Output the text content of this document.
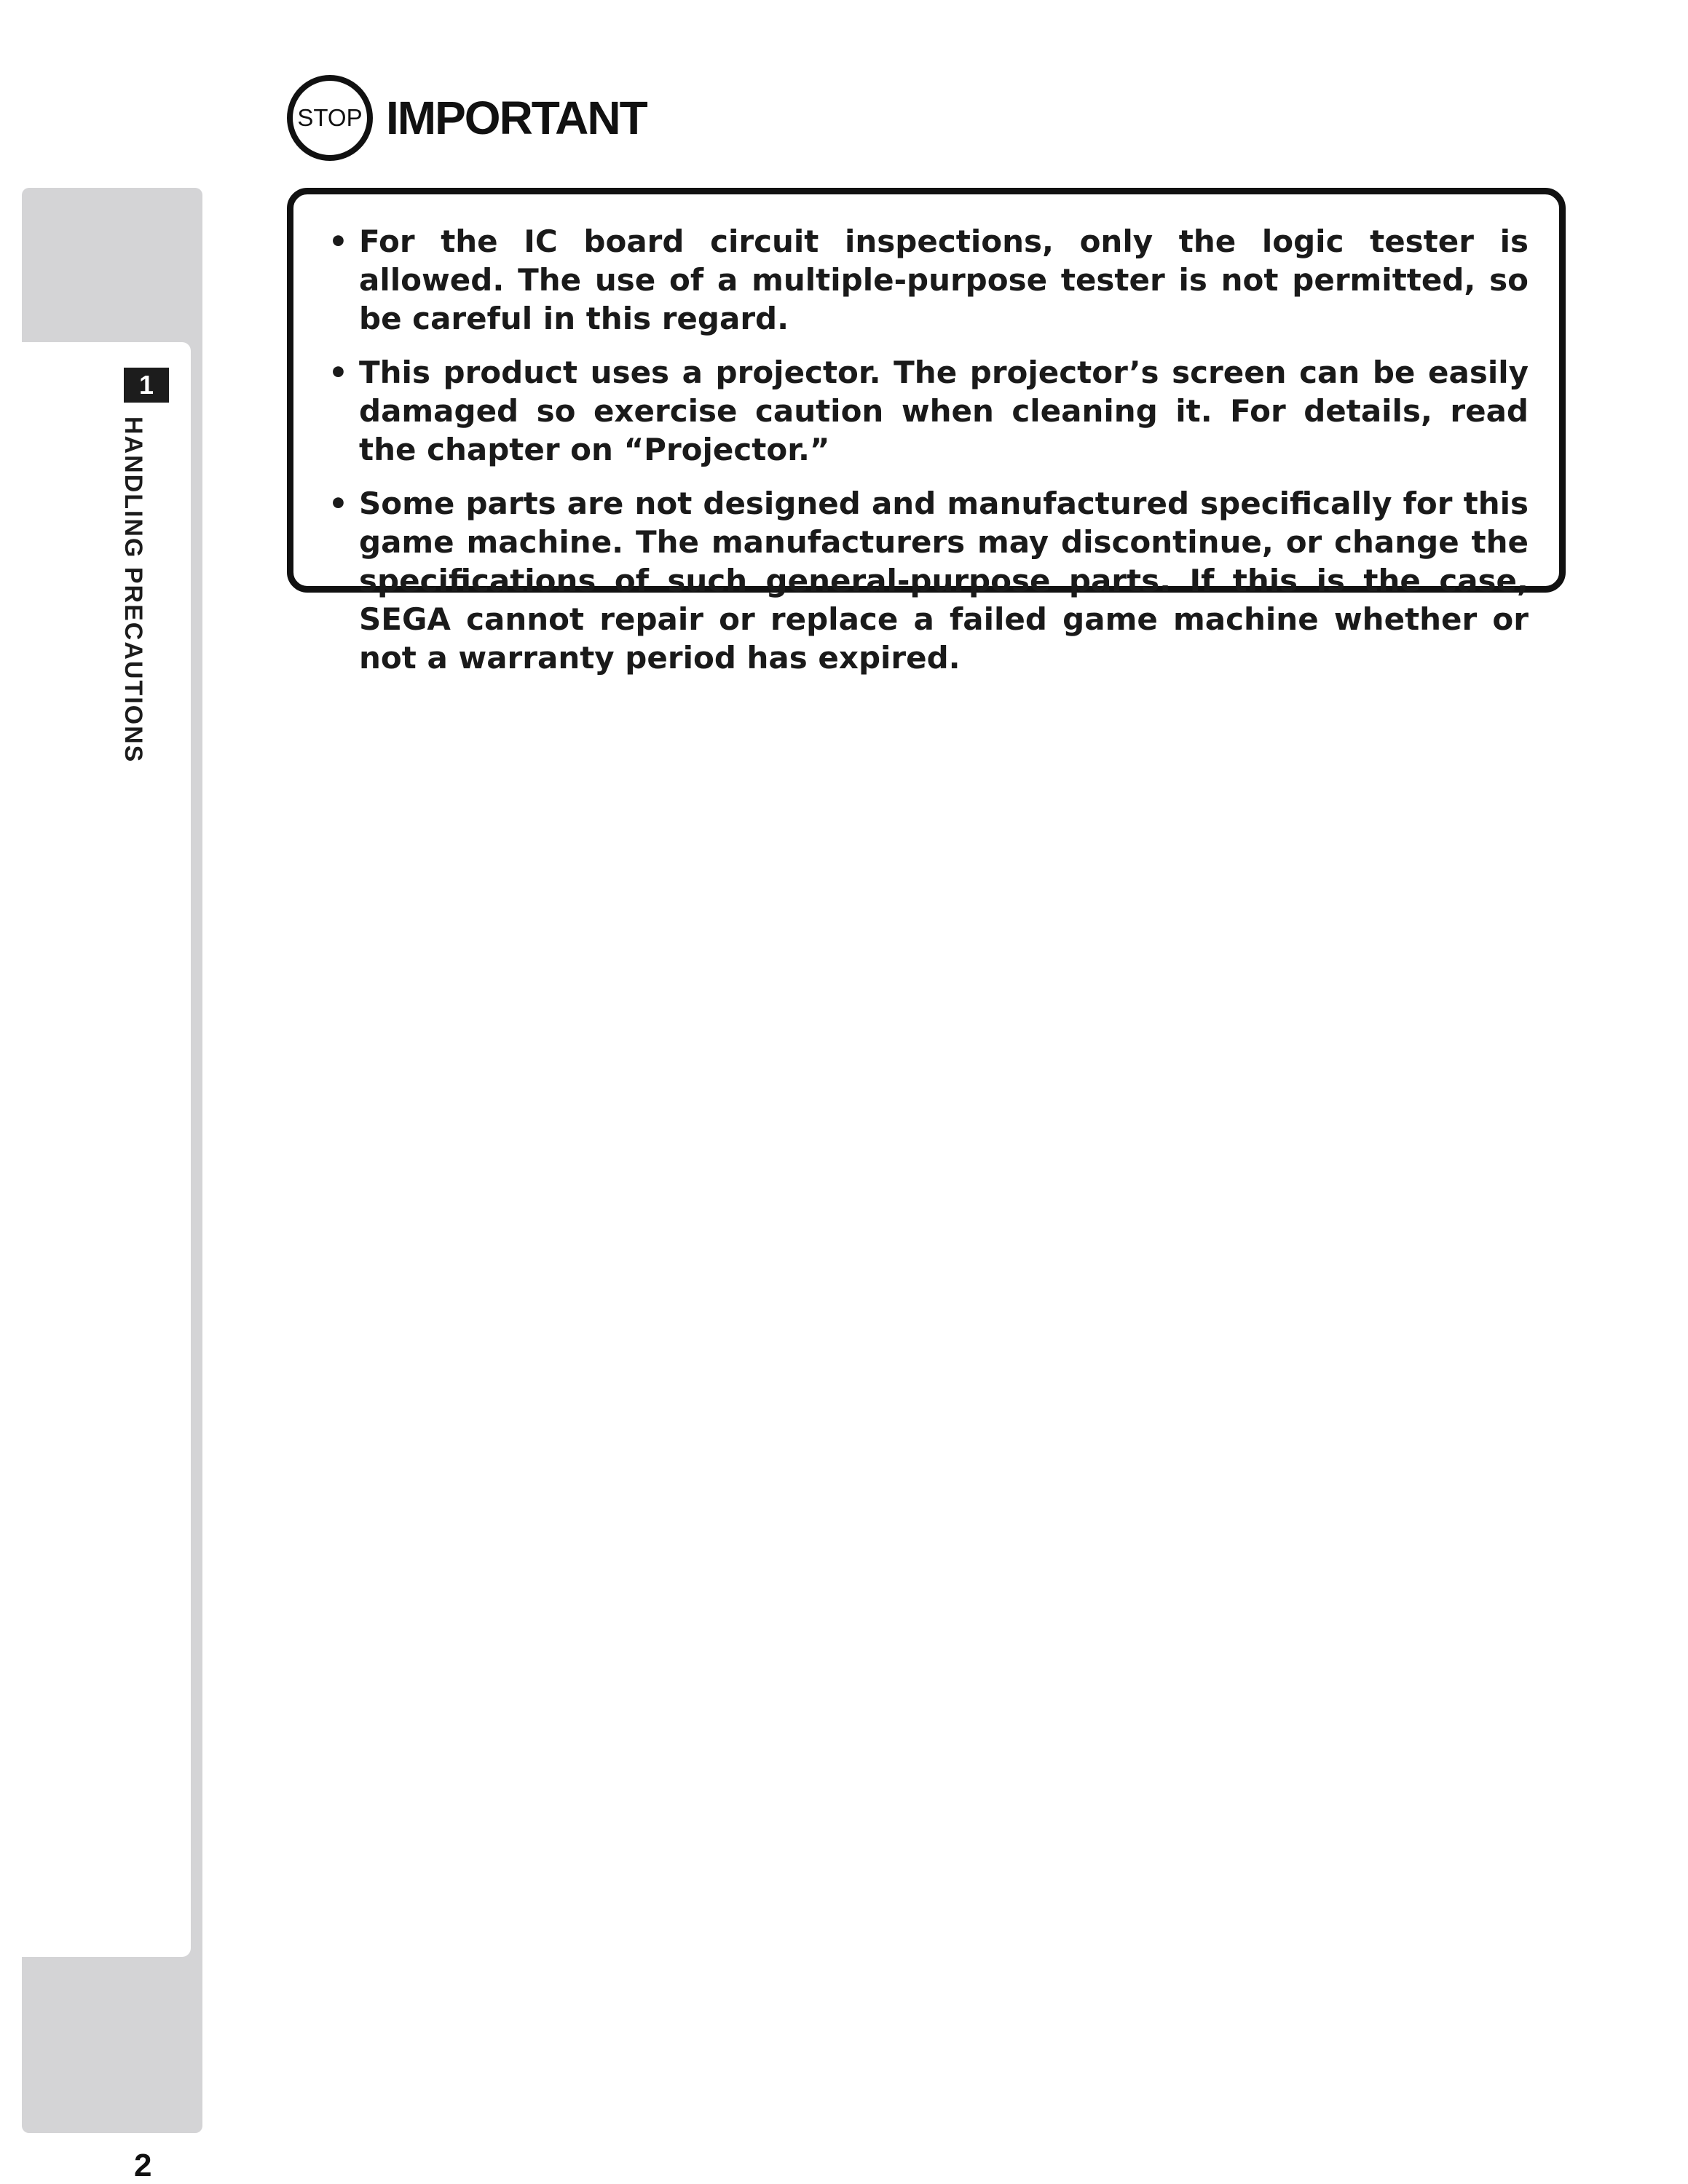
1
HANDLING PRECAUTIONS
STOP IMPORTANT
• For the IC board circuit inspections, only the logic tester is allowed. The use of a multiple-purpose tester is not permitted, so be careful in this regard.
• This product uses a projector. The projector’s screen can be easily damaged so exercise caution when cleaning it. For details, read the chapter on “Projector.”
• Some parts are not designed and manufactured specifically for this game machine. The manufacturers may discontinue, or change the specifications of such general-purpose parts. If this is the case, SEGA cannot repair or replace a failed game machine whether or not a warranty period has expired.
2
